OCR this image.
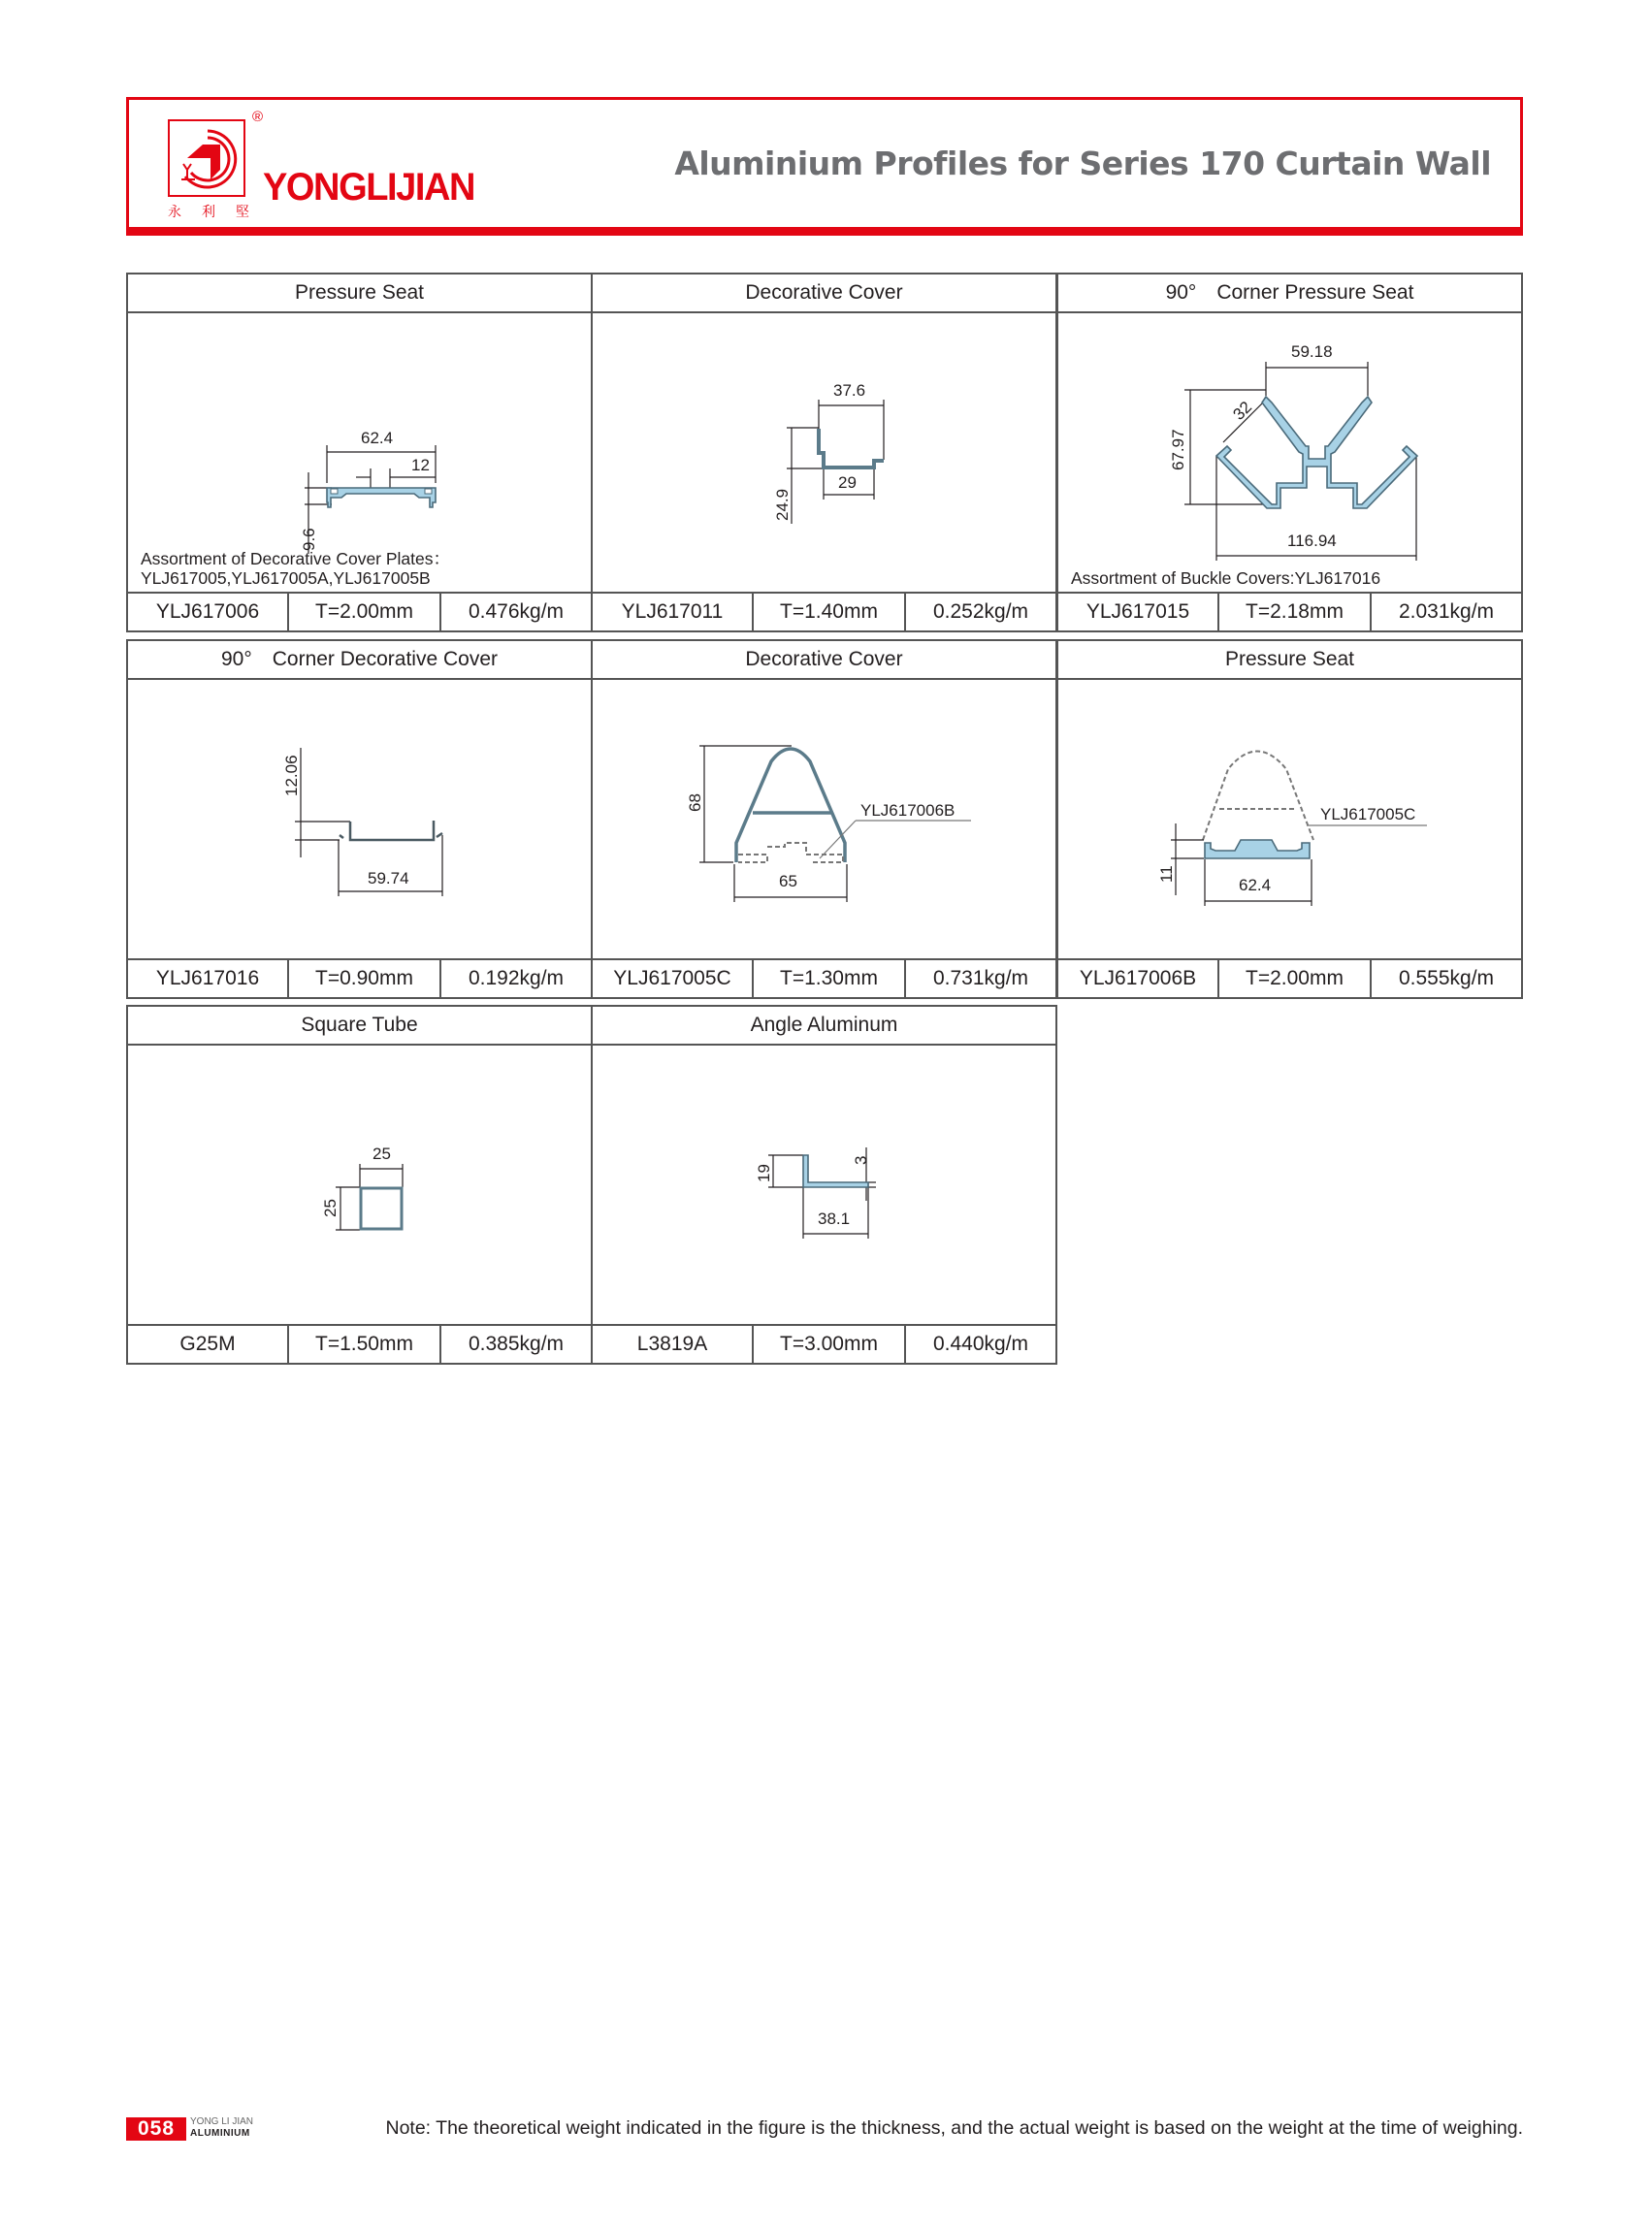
®
永 利 堅
YONGLIJIAN
Aluminium Profiles for Series 170 Curtain Wall
Pressure Seat
62.4
12
9.6
Assortment of Decorative Cover Plates：
YLJ617005,YLJ617005A,YLJ617005B
YLJ617006	T=2.00mm	0.476kg/m
Decorative Cover
37.6
24.9
29
YLJ617011	T=1.40mm	0.252kg/m
90°　Corner Pressure Seat
59.18
67.97
32
116.94
Assortment of Buckle Covers:YLJ617016
YLJ617015	T=2.18mm	2.031kg/m
90°　Corner Decorative Cover
12.06
59.74
YLJ617016	T=0.90mm	0.192kg/m
Decorative Cover
68
65
YLJ617006B
YLJ617005C	T=1.30mm	0.731kg/m
Pressure Seat
YLJ617005C
11
62.4
YLJ617006B	T=2.00mm	0.555kg/m
Square Tube
25
25
G25M	T=1.50mm	0.385kg/m
Angle Aluminum
19
3
38.1
L3819A	T=3.00mm	0.440kg/m
058	YONG LI JIAN
ALUMINIUM	Note: The theoretical weight indicated in the figure is the thickness, and the actual weight is based on the weight at the time of weighing.
